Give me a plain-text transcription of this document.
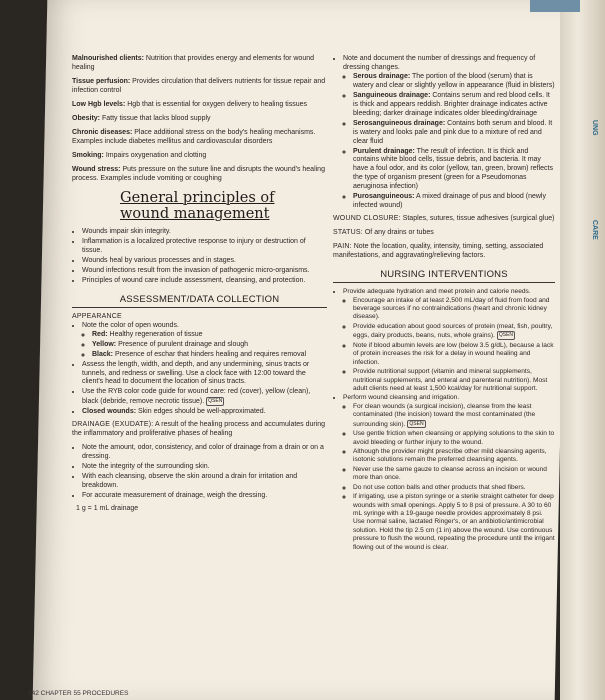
UNG
CARE

Malnourished clients: Nutrition that provides energy and elements for wound healing

Tissue perfusion: Provides circulation that delivers nutrients for tissue repair and infection control

Low Hgb levels: Hgb that is essential for oxygen delivery to healing tissues

Obesity: Fatty tissue that lacks blood supply

Chronic diseases: Place additional stress on the body's healing mechanisms. Examples include diabetes mellitus and cardiovascular disorders

Smoking: Impairs oxygenation and clotting

Wound stress: Puts pressure on the suture line and disrupts the wound's healing process. Examples include vomiting or coughing

General principles of wound management
• Wounds impair skin integrity.
• Inflammation is a localized protective response to injury or destruction of tissue.
• Wounds heal by various processes and in stages.
• Wound infections result from the invasion of pathogenic micro-organisms.
• Principles of wound care include assessment, cleansing, and protection.
ASSESSMENT/DATA COLLECTION
APPEARANCE
• Note the color of open wounds.
◦ Red: Healthy regeneration of tissue
◦ Yellow: Presence of purulent drainage and slough
◦ Black: Presence of eschar that hinders healing and requires removal
• Assess the length, width, and depth, and any undermining, sinus tracts or tunnels, and redness or swelling. Use a clock face with 12:00 toward the client's head to document the location of sinus tracts.
• Use the RYB color code guide for wound care: red (cover), yellow (clean), black (debride, remove necrotic tissue). QSEN
• Closed wounds: Skin edges should be well-approximated.

DRAINAGE (EXUDATE): A result of the healing process and accumulates during the inflammatory and proliferative phases of healing

• Note the amount, odor, consistency, and color of drainage from a drain or on a dressing.
• Note the integrity of the surrounding skin.
• With each cleansing, observe the skin around a drain for irritation and breakdown.
• For accurate measurement of drainage, weigh the dressing.
1 g = 1 mL drainage
• Note and document the number of dressings and frequency of dressing changes.
◦ Serous drainage: The portion of the blood (serum) that is watery and clear or slightly yellow in appearance (fluid in blisters)
◦ Sanguineous drainage: Contains serum and red blood cells. It is thick and appears reddish. Brighter drainage indicates active bleeding; darker drainage indicates older bleeding/drainage
◦ Serosanguineous drainage: Contains both serum and blood. It is watery and looks pale and pink due to a mixture of red and clear fluid
◦ Purulent drainage: The result of infection. It is thick and contains white blood cells, tissue debris, and bacteria. It may have a foul odor, and its color (yellow, tan, green, brown) reflects the type of organism present (green for a Pseudomonas aeruginosa infection)
◦ Purosanguineous: A mixed drainage of pus and blood (newly infected wound)

WOUND CLOSURE: Staples, sutures, tissue adhesives (surgical glue)

STATUS: Of any drains or tubes

PAIN: Note the location, quality, intensity, timing, setting, associated manifestations, and aggravating/relieving factors.

NURSING INTERVENTIONS
• Provide adequate hydration and meet protein and calorie needs.
◦ Encourage an intake of at least 2,500 mL/day of fluid from food and beverage sources if no contraindications (heart and chronic kidney disease).
◦ Provide education about good sources of protein (meat, fish, poultry, eggs, dairy products, beans, nuts, whole grains). QSEN
◦ Note if blood albumin levels are low (below 3.5 g/dL), because a lack of protein increases the risk for a delay in wound healing and infection.
◦ Provide nutritional support (vitamin and mineral supplements, nutritional supplements, and enteral and parenteral nutrition). Most adult clients need at least 1,500 kcal/day for nutritional support.
• Perform wound cleansing and irrigation.
◦ For clean wounds (a surgical incision), cleanse from the least contaminated (the incision) toward the most contaminated (the surrounding skin). QSEN
◦ Use gentle friction when cleansing or applying solutions to the skin to avoid bleeding or further injury to the wound.
◦ Although the provider might prescribe other mild cleansing agents, isotonic solutions remain the preferred cleansing agents.
◦ Never use the same gauze to cleanse across an incision or wound more than once.
◦ Do not use cotton balls and other products that shed fibers.
◦ If irrigating, use a piston syringe or a sterile straight catheter for deep wounds with small openings. Apply 5 to 8 psi of pressure. A 30 to 60 mL syringe with a 19-gauge needle provides approximately 8 psi. Use normal saline, lactated Ringer's, or an antibiotic/antimicrobial solution. Hold the tip 2.5 cm (1 in) above the wound. Use continuous pressure to flush the wound, repeating the procedure until the irrigant flowing out of the wound is clear.
342 CHAPTER 55 PROCEDURES
